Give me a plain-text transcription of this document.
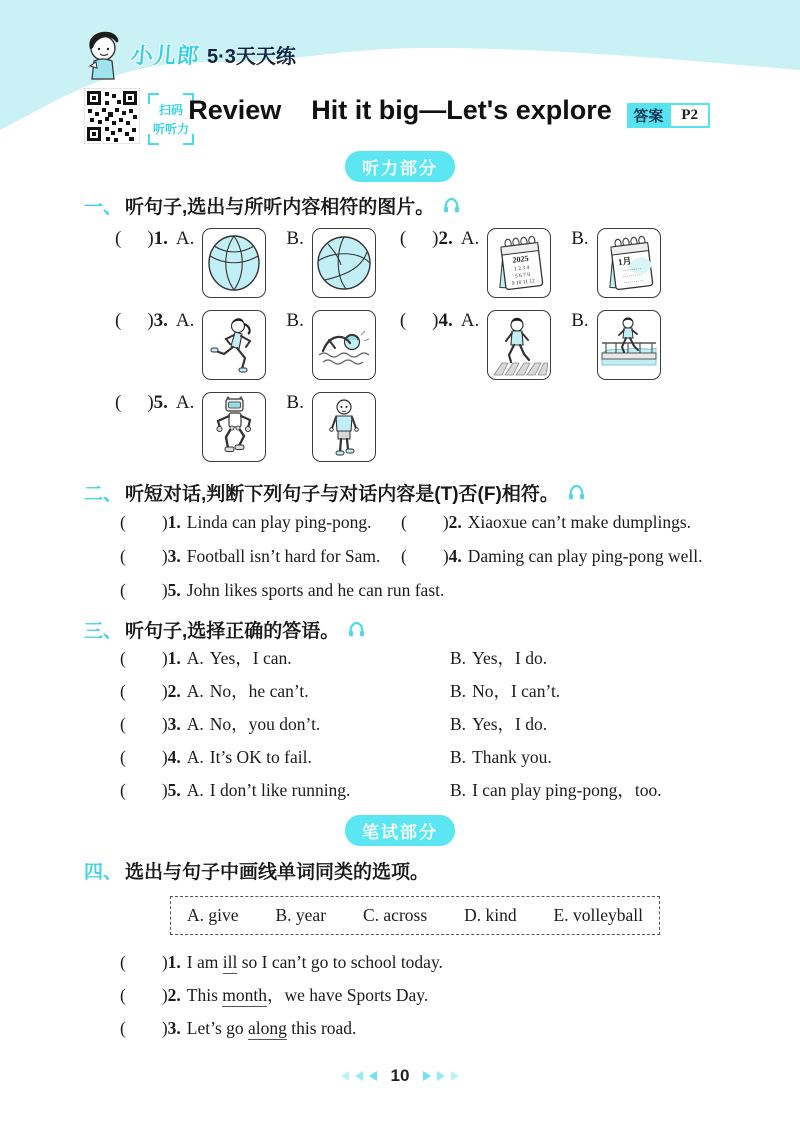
小儿郎 5·3天天练
扫码
听听力
Review Hit it big—Let's explore	答案	P2
听力部分
一、 听句子,选出与所听内容相符的图片。
( ) 1. A.	B.	( ) 2. A.
2025
1 2 3 4
5 6 7 8
9 10 11 12
B.
1月
··········
··········
··········
( ) 3. A.	B.	( ) 4. A.	B.
( ) 5. A.	B.
二、 听短对话,判断下列句子与对话内容是(T)否(F)相符。
( )1. Linda can play ping-pong.	( )2. Xiaoxue can’t make dumplings.
( )3. Football isn’t hard for Sam.	( )4. Daming can play ping-pong well.
( )5. John likes sports and he can run fast.
三、 听句子,选择正确的答语。
( )1. A. Yes，I can.	B. Yes，I do.
( )2. A. No，he can’t.	B. No，I can’t.
( )3. A. No，you don’t.	B. Yes，I do.
( )4. A. It’s OK to fail.	B. Thank you.
( )5. A. I don’t like running.	B. I can play ping-pong，too.
笔试部分
四、 选出与句子中画线单词同类的选项。
A. give B. year C. across D. kind E. volleyball
( )1. I am ill so I can’t go to school today.
( )2. This month，we have Sports Day.
( )3. Let’s go along this road.
10
